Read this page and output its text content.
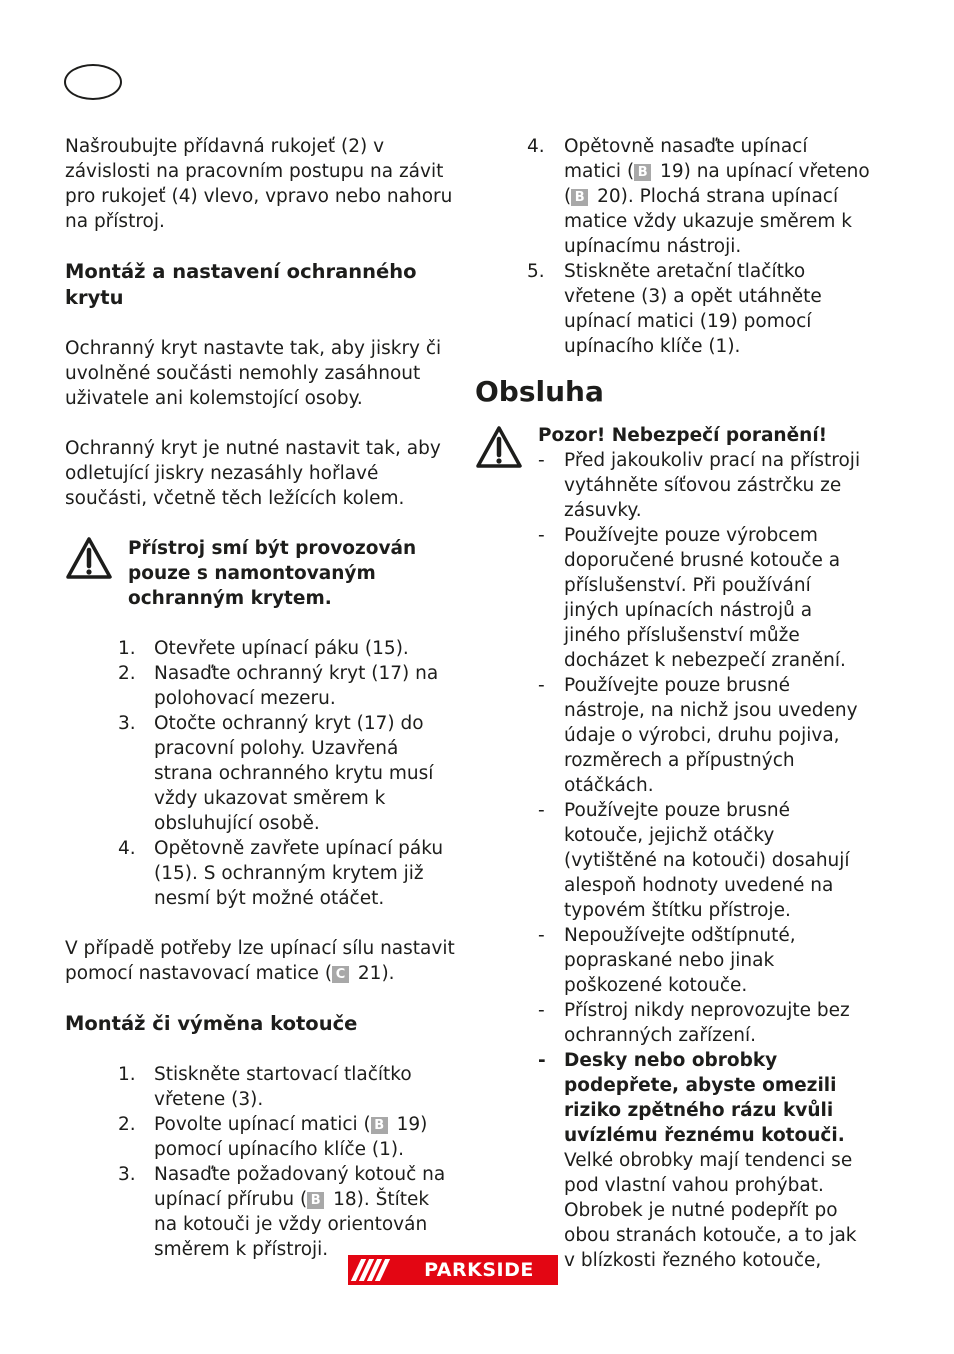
Našroubujte přídavná rukojeť (2) v závislosti na pracovním postupu na závit pro rukojeť (4) vlevo, vpravo nebo nahoru na přístroj.

Montáž a nastavení ochranného krytu

Ochranný kryt nastavte tak, aby jiskry či uvolněné součásti nemohly zasáhnout uživatele ani kolemstojící osoby.

Ochranný kryt je nutné nastavit tak, aby odletující jiskry nezasáhly hořlavé součásti, včetně těch ležících kolem.

Přístroj smí být provozován pouze s namontovaným ochranným krytem.

1. Otevřete upínací páku (15).
2. Nasaďte ochranný kryt (17) na polohovací mezeru.
3. Otočte ochranný kryt (17) do pracovní polohy. Uzavřená strana ochranného krytu musí vždy ukazovat směrem k obsluhující osobě.
4. Opětovně zavřete upínací páku (15). S ochranným krytem již nesmí být možné otáčet.

V případě potřeby lze upínací sílu nastavit pomocí nastavovací matice ( C 21).

Montáž či výměna kotouče
1. Stiskněte startovací tlačítko vřetene (3).
2. Povolte upínací matici ( B 19) pomocí upínacího klíče (1).
3. Nasaďte požadovaný kotouč na upínací přírubu ( B 18). Štítek na kotouči je vždy orientován směrem k přístroji.
4. Opětovně nasaďte upínací matici ( B 19) na upínací vřeteno ( B 20). Plochá strana upínací matice vždy ukazuje směrem k upínacímu nástroji.
5. Stiskněte aretační tlačítko vřetene (3) a opět utáhněte upínací matici (19) pomocí upínacího klíče (1).
Obsluha

Pozor! Nebezpečí poranění!

- Před jakoukoliv prací na přístroji vytáhněte síťovou zástrčku ze zásuvky.
- Používejte pouze výrobcem doporučené brusné kotouče a příslušenství. Při používání jiných upínacích nástrojů a jiného příslušenství může docházet k nebezpečí zranění.
- Používejte pouze brusné nástroje, na nichž jsou uvedeny údaje o výrobci, druhu pojiva, rozměrech a přípustných otáčkách.
- Používejte pouze brusné kotouče, jejichž otáčky (vytištěné na kotouči) dosahují alespoň hodnoty uvedené na typovém štítku přístroje.
- Nepoužívejte odštípnuté, popraskané nebo jinak poškozené kotouče.
- Přístroj nikdy neprovozujte bez ochranných zařízení.
- Desky nebo obrobky podepřete, abyste omezili riziko zpětného rázu kvůli uvízlému řeznému kotouči. Velké obrobky mají tendenci se pod vlastní vahou prohýbat. Obrobek je nutné podepřít po obou stranách kotouče, a to jak v blízkosti řezného kotouče,
PARKSIDE
